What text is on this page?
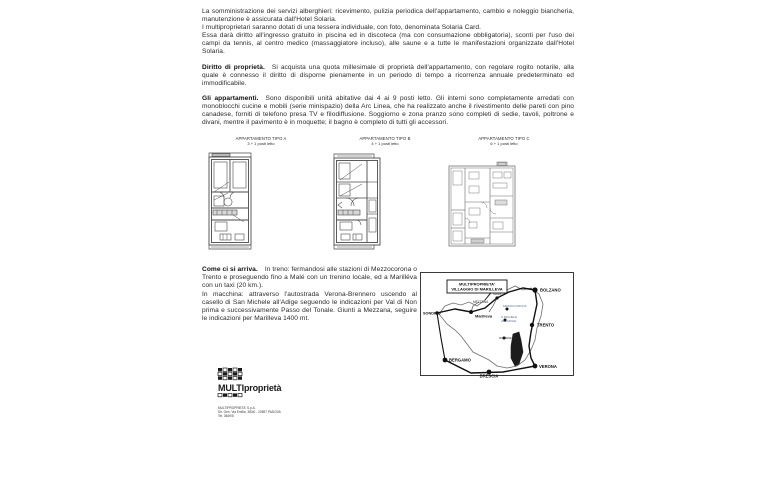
La somministrazione dei servizi alberghieri: ricevimento, pulizia periodica dell'appartamento, cambio e noleggio biancheria, manutenzione è assicurata dall'Hotel Solaria.

I multiproprietari saranno dotati di una tessera individuale, con foto, denominata Solaria Card.

Essa darà diritto all'ingresso gratuito in piscina ed in discoteca (ma con consumazione obbligatoria), sconti per l'uso dei campi da tennis, al centro medico (massaggiatore incluso), alle saune e a tutte le manifestazioni organizzate dall'Hotel Solaria.

Diritto di proprietà. Si acquista una quota millesimale di proprietà dell'appartamento, con regolare rogito notarile, alla quale è connesso il diritto di disporne pienamente in un periodo di tempo a ricorrenza annuale predeterminato ed immodificabile.

Gli appartamenti. Sono disponibili unità abitative dai 4 ai 9 posti letto. Gli interni sono completamente arredati con monoblocchi cucine e mobili (serie minispazio) della Arc Linea, che ha realizzato anche il rivestimento delle pareti con pino canadese, forniti di telefono presa TV e filodiffusione. Soggiorno e zona pranzo sono completi di sedie, tavoli, poltrone e divani, mentre il pavimento è in moquette; il bagno è completo di tutti gli accessori.

APPARTAMENTO TIPO A
3 + 1 posti letto
APPARTAMENTO TIPO B
4 + 1 posti letto
APPARTAMENTO TIPO C
6 + 1 posti letto

Come ci si arriva. In treno: fermandosi alle stazioni di Mezzocorona o Trento e proseguendo fino a Malé con un trenino locale, ed a Marilléva con un taxi (20 km.).

In macchina: attraverso l'autostrada Verona-Brennero uscendo al casello di San Michele all'Adige seguendo le indicazioni per Val di Non prima e successivamente Passo del Tonale. Giunti a Mezzana, seguire le indicazioni per Marilleva 1400 mt.

MULTIPROPRIETA'
VILLAGGIO DI MARILLEVA	BOLZANO
TRENTO
VERONA
BRESCIA
BERGAMO
SONDRIO	Marilleva
MEZZANA
MALE'
MEZZOCORONA
S.MICHELE
ALL'ADIGE
ROVERETO
MULTIproprietà
MULTIPROPRIETA' S.p.A.
Dir. Gen. Via Emilia, 38/40 - 20857 PADOVA
Tel. 3649/6
